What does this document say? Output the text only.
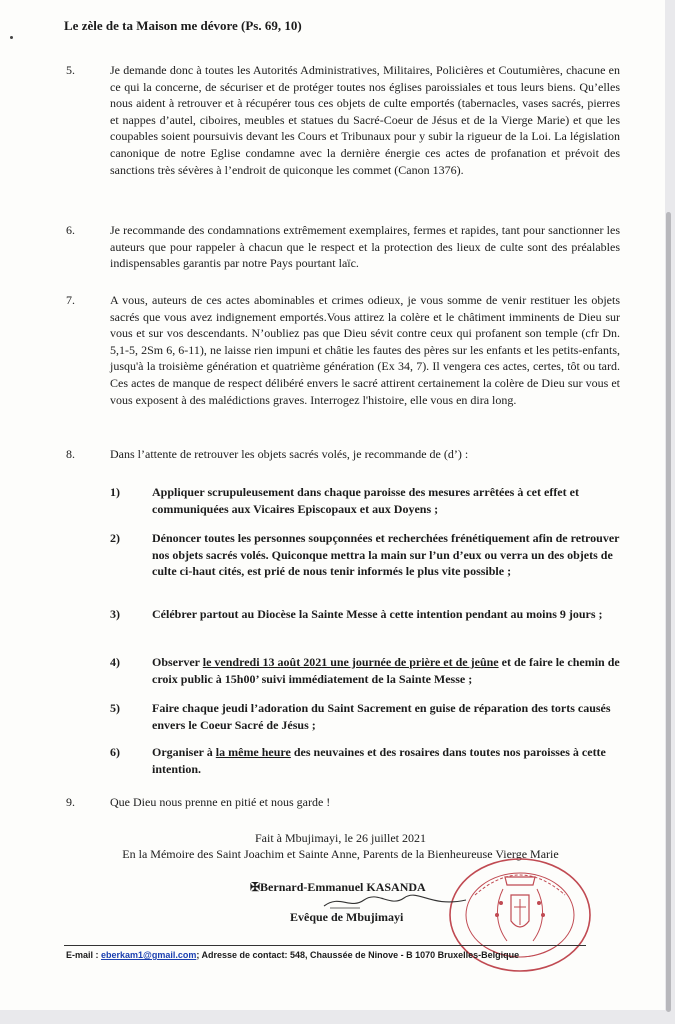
Le zèle de ta Maison me dévore (Ps. 69, 10)
5.	Je demande donc à toutes les Autorités Administratives, Militaires, Policières et Coutumières, chacune en ce qui la concerne, de sécuriser et de protéger toutes nos églises paroissiales et tous leurs biens. Qu’elles nous aident à retrouver et à récupérer tous ces objets de culte emportés (tabernacles, vases sacrés, pierres et nappes d’autel, ciboires, meubles et statues du Sacré-Coeur de Jésus et de la Vierge Marie) et que les coupables soient poursuivis devant les Cours et Tribunaux pour y subir la rigueur de la Loi. La législation canonique de notre Eglise condamne avec la dernière énergie ces actes de profanation et prévoit des sanctions très sévères à l’endroit de quiconque les commet (Canon 1376).
6.	Je recommande des condamnations extrêmement exemplaires, fermes et rapides, tant pour sanctionner les auteurs que pour rappeler à chacun que le respect et la protection des lieux de culte sont des préalables indispensables garantis par notre Pays pourtant laïc.
7.	A vous, auteurs de ces actes abominables et crimes odieux, je vous somme de venir restituer les objets sacrés que vous avez indignement emportés.Vous attirez la colère et le châtiment imminents de Dieu sur vous et sur vos descendants. N’oubliez pas que Dieu sévit contre ceux qui profanent son temple (cfr Dn. 5,1-5, 2Sm 6, 6-11), ne laisse rien impuni et châtie les fautes des pères sur les enfants et les petits-enfants, jusqu'à la troisième génération et quatrième génération (Ex 34, 7). Il vengera ces actes, certes, tôt ou tard. Ces actes de manque de respect délibéré envers le sacré attirent certainement la colère de Dieu sur vous et vous exposent à des malédictions graves. Interrogez l'histoire, elle vous en dira long.
8.	Dans l’attente de retrouver les objets sacrés volés, je recommande de (d’) :
1)	Appliquer scrupuleusement dans chaque paroisse des mesures arrêtées à cet effet et communiquées aux Vicaires Episcopaux et aux Doyens ;
2)	Dénoncer toutes les personnes soupçonnées et recherchées frénétiquement afin de retrouver nos objets sacrés volés. Quiconque mettra la main sur l’un d’eux ou verra un des objets de culte ci-haut cités, est prié de nous tenir informés le plus vite possible ;
3)	Célébrer partout au Diocèse la Sainte Messe à cette intention pendant au moins 9 jours ;
4)	Observer le vendredi 13 août 2021 une journée de prière et de jeûne et de faire le chemin de croix public à 15h00’ suivi immédiatement de la Sainte Messe ;
5)	Faire chaque jeudi l’adoration du Saint Sacrement en guise de réparation des torts causés envers le Coeur Sacré de Jésus ;
6)	Organiser à la même heure des neuvaines et des rosaires dans toutes nos paroisses à cette intention.
9.	Que Dieu nous prenne en pitié et nous garde !
Fait à Mbujimayi, le 26 juillet 2021
En la Mémoire des Saint Joachim et Sainte Anne, Parents de la Bienheureuse Vierge Marie
✠Bernard-Emmanuel KASANDA
Evêque de Mbujimayi
E-mail : eberkam1@gmail.com; Adresse de contact: 548, Chaussée de Ninove - B 1070 Bruxelles-Belgique
